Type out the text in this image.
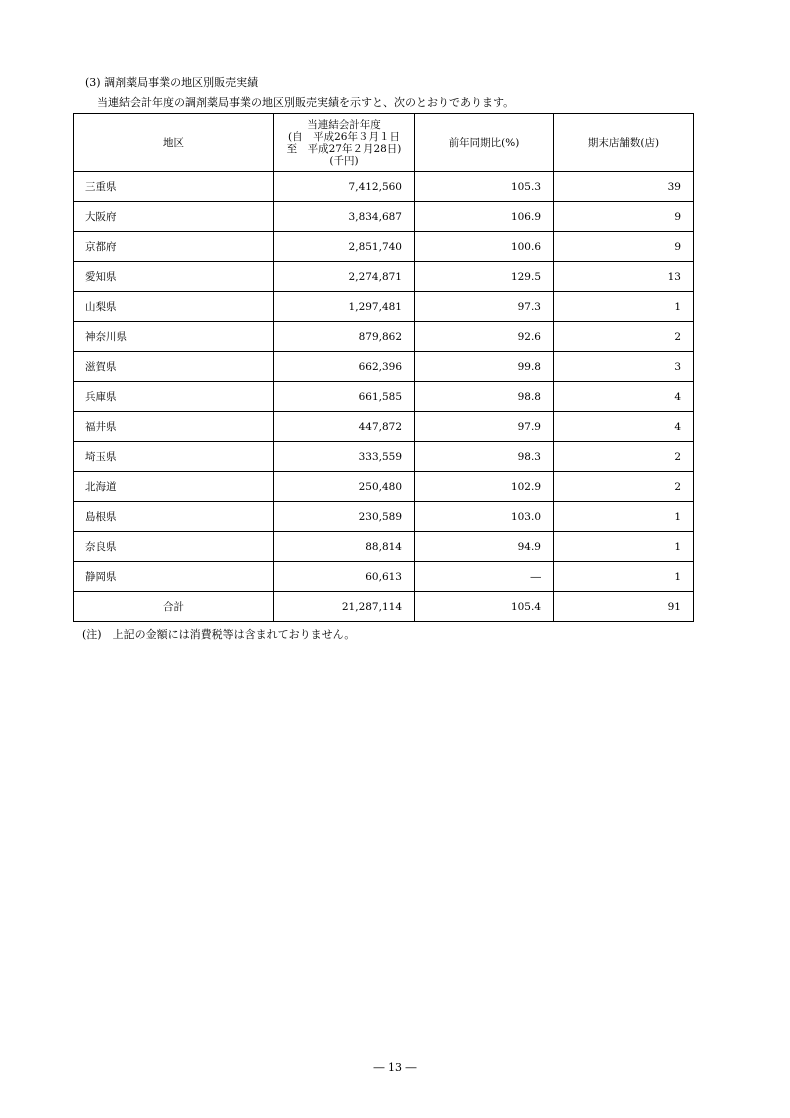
(3) 調剤薬局事業の地区別販売実績
当連結会計年度の調剤薬局事業の地区別販売実績を示すと、次のとおりであります。
地区	当連結会計年度
(自　平成26年３月１日
至　平成27年２月28日)
(千円)	前年同期比(%)	期末店舗数(店)
三重県	7,412,560	105.3	39
大阪府	3,834,687	106.9	9
京都府	2,851,740	100.6	9
愛知県	2,274,871	129.5	13
山梨県	1,297,481	97.3	1
神奈川県	879,862	92.6	2
滋賀県	662,396	99.8	3
兵庫県	661,585	98.8	4
福井県	447,872	97.9	4
埼玉県	333,559	98.3	2
北海道	250,480	102.9	2
島根県	230,589	103.0	1
奈良県	88,814	94.9	1
静岡県	60,613	―	1
合計	21,287,114	105.4	91
(注)　上記の金額には消費税等は含まれておりません。
― 13 ―
